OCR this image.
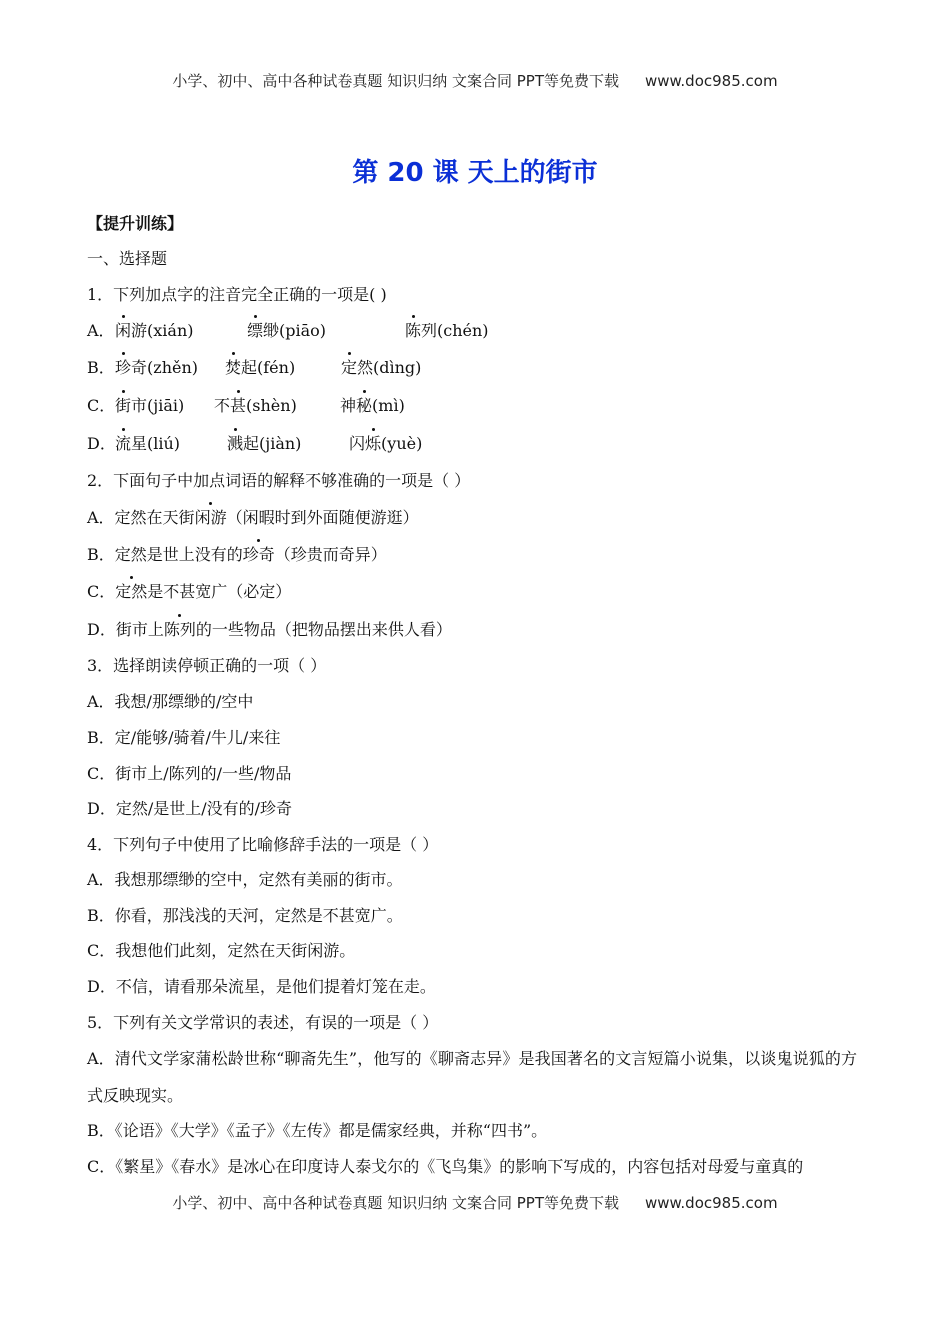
小学、初中、高中各种试卷真题 知识归纳 文案合同 PPT等免费下载 www.doc985.com
第 20 课 天上的街市
【提升训练】
一、选择题
1．下列加点字的注音完全正确的一项是( )
A． 闲游(xián)	缥缈(piāo)	陈列(chén)
B． 珍奇(zhěn) 焚起(fén)	定然(dìng)
C． 街市(jiāi) 不甚(shèn)	神秘(mì)
D． 流星(liú)	溅起(jiàn)	闪烁(yuè)
2．下面句子中加点词语的解释不够准确的一项是（ ）
A．定然在天街闲游（闲暇时到外面随便游逛）
B．定然是世上没有的珍奇（珍贵而奇异）
C．定然是不甚宽广（必定）
D．街市上陈列的一些物品（把物品摆出来供人看）
3．选择朗读停顿正确的一项（ ）
A．我想/那缥缈的/空中
B．定/能够/骑着/牛儿/来往
C．街市上/陈列的/一些/物品
D．定然/是世上/没有的/珍奇
4．下列句子中使用了比喻修辞手法的一项是（ ）
A．我想那缥缈的空中，定然有美丽的街市。
B．你看，那浅浅的天河，定然是不甚宽广。
C．我想他们此刻，定然在天街闲游。
D．不信，请看那朵流星，是他们提着灯笼在走。
5．下列有关文学常识的表述，有误的一项是（ ）
A．清代文学家蒲松龄世称“聊斋先生”，他写的《聊斋志异》是我国著名的文言短篇小说集，以谈鬼说狐的方式反映现实。
B．《论语》《大学》《孟子》《左传》都是儒家经典，并称“四书”。
C．《繁星》《春水》是冰心在印度诗人泰戈尔的《飞鸟集》的影响下写成的，内容包括对母爱与童真的
小学、初中、高中各种试卷真题 知识归纳 文案合同 PPT等免费下载 www.doc985.com
